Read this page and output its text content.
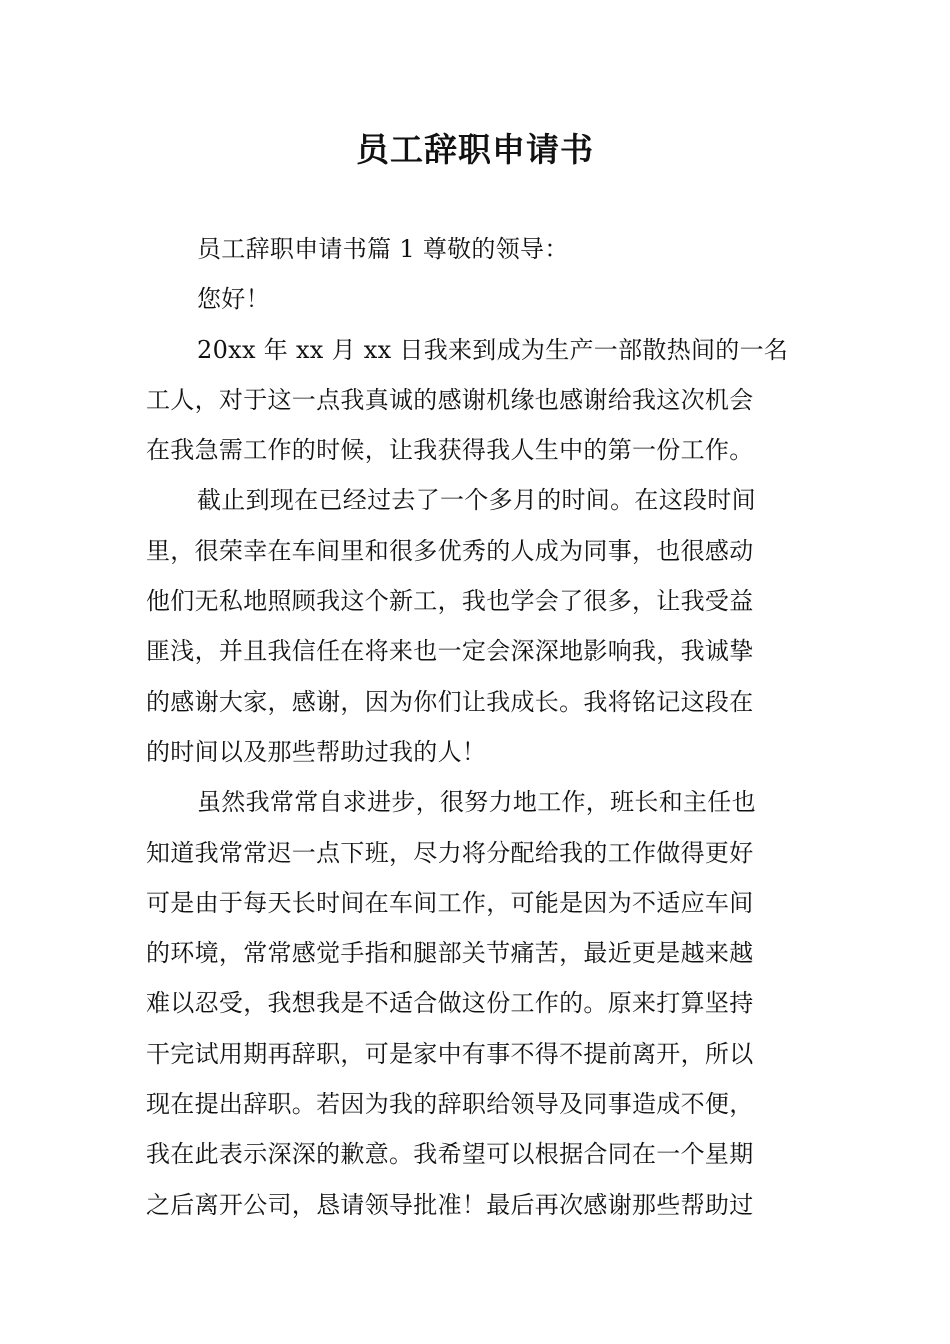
员工辞职申请书

员工辞职申请书篇 1 尊敬的领导：

您好！

20xx 年 xx 月 xx 日我来到成为生产一部散热间的一名

工人，对于这一点我真诚的感谢机缘也感谢给我这次机会

在我急需工作的时候，让我获得我人生中的第一份工作。

截止到现在已经过去了一个多月的时间。在这段时间

里，很荣幸在车间里和很多优秀的人成为同事，也很感动

他们无私地照顾我这个新工，我也学会了很多，让我受益

匪浅，并且我信任在将来也一定会深深地影响我，我诚挚

的感谢大家，感谢，因为你们让我成长。我将铭记这段在

的时间以及那些帮助过我的人！

虽然我常常自求进步，很努力地工作，班长和主任也

知道我常常迟一点下班，尽力将分配给我的工作做得更好

可是由于每天长时间在车间工作，可能是因为不适应车间

的环境，常常感觉手指和腿部关节痛苦，最近更是越来越

难以忍受，我想我是不适合做这份工作的。原来打算坚持

干完试用期再辞职，可是家中有事不得不提前离开，所以

现在提出辞职。若因为我的辞职给领导及同事造成不便，

我在此表示深深的歉意。我希望可以根据合同在一个星期

之后离开公司，恳请领导批准！最后再次感谢那些帮助过
